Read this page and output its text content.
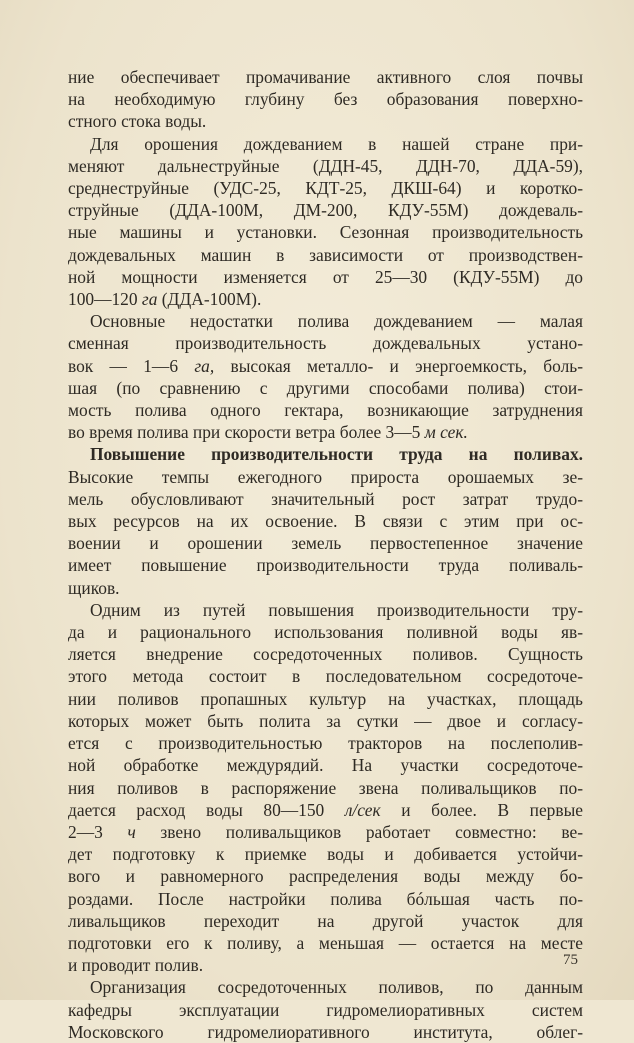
ние обеспечивает промачивание активного слоя почвы
на необходимую глубину без образования поверхно-
стного стока воды.
Для орошения дождеванием в нашей стране при-
меняют дальнеструйные (ДДН-45, ДДН-70, ДДА-59),
среднеструйные (УДС-25, КДТ-25, ДКШ-64) и коротко-
струйные (ДДА-100М, ДМ-200, КДУ-55М) дождеваль-
ные машины и установки. Сезонная производительность
дождевальных машин в зависимости от производствен-
ной мощности изменяется от 25—30 (КДУ-55М) до
100—120 га (ДДА-100М).
Основные недостатки полива дождеванием — малая
сменная производительность дождевальных устано-
вок — 1—6 га, высокая металло- и энергоемкость, боль-
шая (по сравнению с другими способами полива) стои-
мость полива одного гектара, возникающие затруднения
во время полива при скорости ветра более 3—5 м сек.
Повышение производительности труда на поливах.
Высокие темпы ежегодного прироста орошаемых зе-
мель обусловливают значительный рост затрат трудо-
вых ресурсов на их освоение. В связи с этим при ос-
воении и орошении земель первостепенное значение
имеет повышение производительности труда поливаль-
щиков.
Одним из путей повышения производительности тру-
да и рационального использования поливной воды яв-
ляется внедрение сосредоточенных поливов. Сущность
этого метода состоит в последовательном сосредоточе-
нии поливов пропашных культур на участках, площадь
которых может быть полита за сутки — двое и согласу-
ется с производительностью тракторов на послеполив-
ной обработке междурядий. На участки сосредоточе-
ния поливов в распоряжение звена поливальщиков по-
дается расход воды 80—150 л/сек и более. В первые
2—3 ч звено поливальщиков работает совместно: ве-
дет подготовку к приемке воды и добивается устойчи-
вого и равномерного распределения воды между бо-
роздами. После настройки полива бóльшая часть по-
ливальщиков переходит на другой участок для
подготовки его к поливу, а меньшая — остается на месте
и проводит полив.
Организация сосредоточенных поливов, по данным
кафедры эксплуатации гидромелиоративных систем
Московского гидромелиоративного института, облег-
75
